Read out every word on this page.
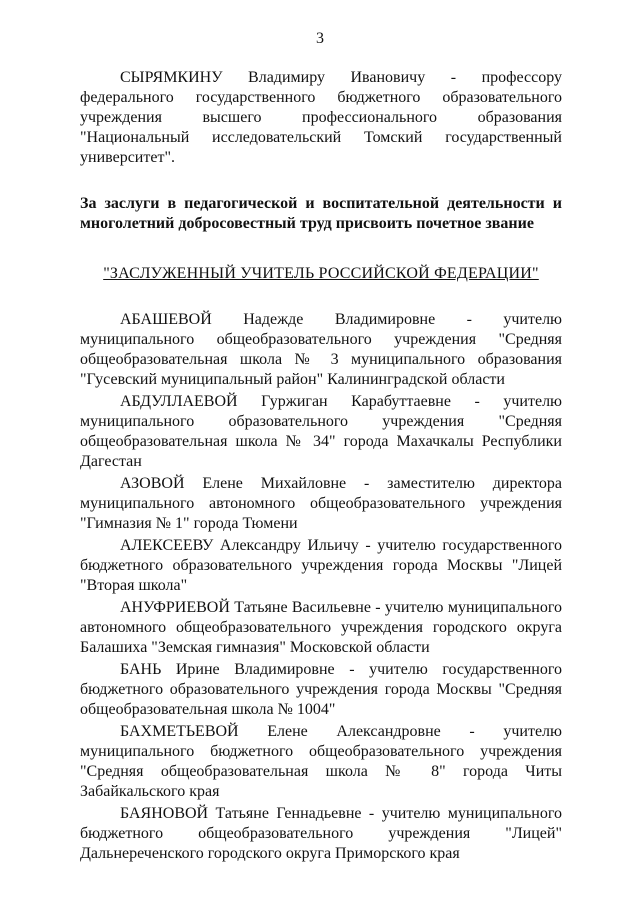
3

СЫРЯМКИНУ Владимиру Ивановичу - профессору федерального государственного бюджетного образовательного учреждения высшего профессионального образования "Национальный исследовательский Томский государственный университет".

За заслуги в педагогической и воспитательной деятельности и многолетний добросовестный труд присвоить почетное звание

"ЗАСЛУЖЕННЫЙ УЧИТЕЛЬ РОССИЙСКОЙ ФЕДЕРАЦИИ"

АБАШЕВОЙ Надежде Владимировне - учителю муниципального общеобразовательного учреждения "Средняя общеобразовательная школа № 3 муниципального образования "Гусевский муниципальный район" Калининградской области

АБДУЛЛАЕВОЙ Гуржиган Карабуттаевне - учителю муниципального образовательного учреждения "Средняя общеобразовательная школа № 34" города Махачкалы Республики Дагестан

АЗОВОЙ Елене Михайловне - заместителю директора муниципального автономного общеобразовательного учреждения "Гимназия № 1" города Тюмени

АЛЕКСЕЕВУ Александру Ильичу - учителю государственного бюджетного образовательного учреждения города Москвы "Лицей "Вторая школа"

АНУФРИЕВОЙ Татьяне Васильевне - учителю муниципального автономного общеобразовательного учреждения городского округа Балашиха "Земская гимназия" Московской области

БАНЬ Ирине Владимировне - учителю государственного бюджетного образовательного учреждения города Москвы "Средняя общеобразовательная школа № 1004"

БАХМЕТЬЕВОЙ Елене Александровне - учителю муниципального бюджетного общеобразовательного учреждения "Средняя общеобразовательная школа № 8" города Читы Забайкальского края

БАЯНОВОЙ Татьяне Геннадьевне - учителю муниципального бюджетного общеобразовательного учреждения "Лицей" Дальнереченского городского округа Приморского края
